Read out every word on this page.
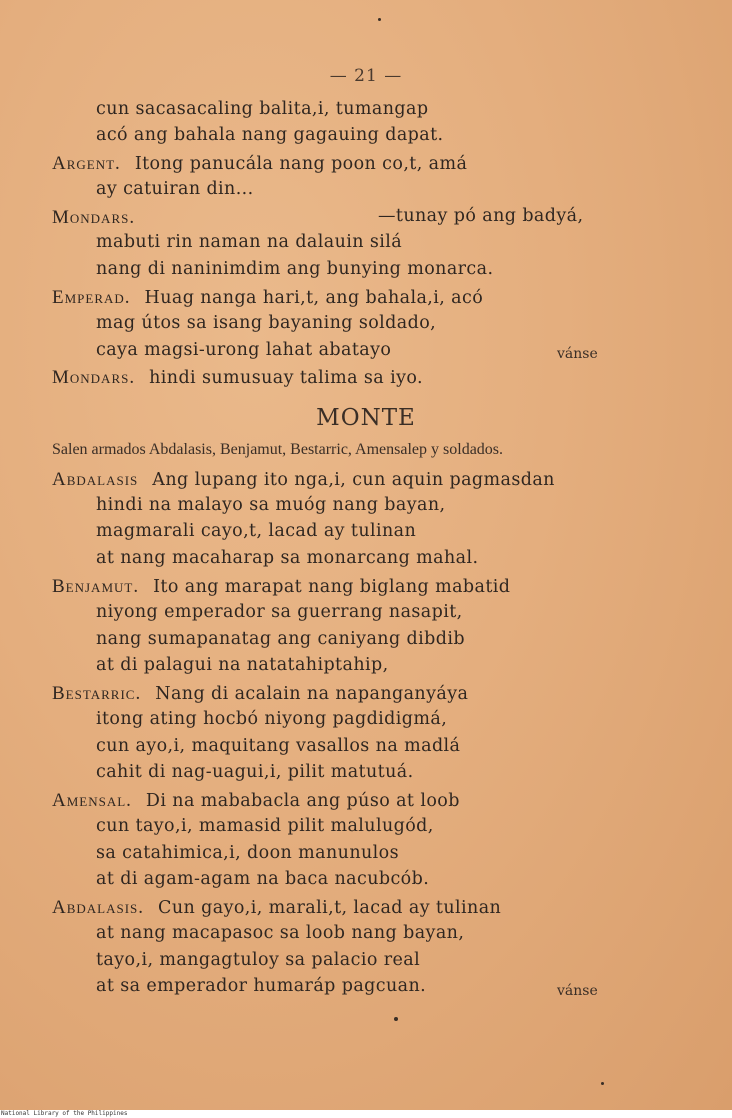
— 21 —
cun sacasacaling balita,i, tumangap
acó ang bahala nang gagauing dapat.
Argent. Itong panucála nang poon co,t, amá
ay catuiran din...
Mondars.	—tunay pó ang badyá,
mabuti rin naman na dalauin silá
nang di naninimdim ang bunying monarca.
Emperad. Huag nanga hari,t, ang bahala,i, acó
mag útos sa isang bayaning soldado,
caya magsi-urong lahat abatayo	vánse
Mondars. hindi sumusuay talima sa iyo.
MONTE
Salen armados Abdalasis, Benjamut, Bestarric, Amensalep y soldados.
Abdalasis Ang lupang ito nga,i, cun aquin pagmasdan
hindi na malayo sa muóg nang bayan,
magmarali cayo,t, lacad ay tulinan
at nang macaharap sa monarcang mahal.
Benjamut. Ito ang marapat nang biglang mabatid
niyong emperador sa guerrang nasapit,
nang sumapanatag ang caniyang dibdib
at di palagui na natatahiptahip,
Bestarric. Nang di acalain na napanganyáya
itong ating hocbó niyong pagdidigmá,
cun ayo,i, maquitang vasallos na madlá
cahit di nag-uagui,i, pilit matutuá.
Amensal. Di na mababacla ang púso at loob
cun tayo,i, mamasid pilit malulugód,
sa catahimica,i, doon manunulos
at di agam-agam na baca nacubcób.
Abdalasis. Cun gayo,i, marali,t, lacad ay tulinan
at nang macapasoc sa loob nang bayan,
tayo,i, mangagtuloy sa palacio real
at sa emperador humaráp pagcuan.	vánse
National Library of the Philippines
